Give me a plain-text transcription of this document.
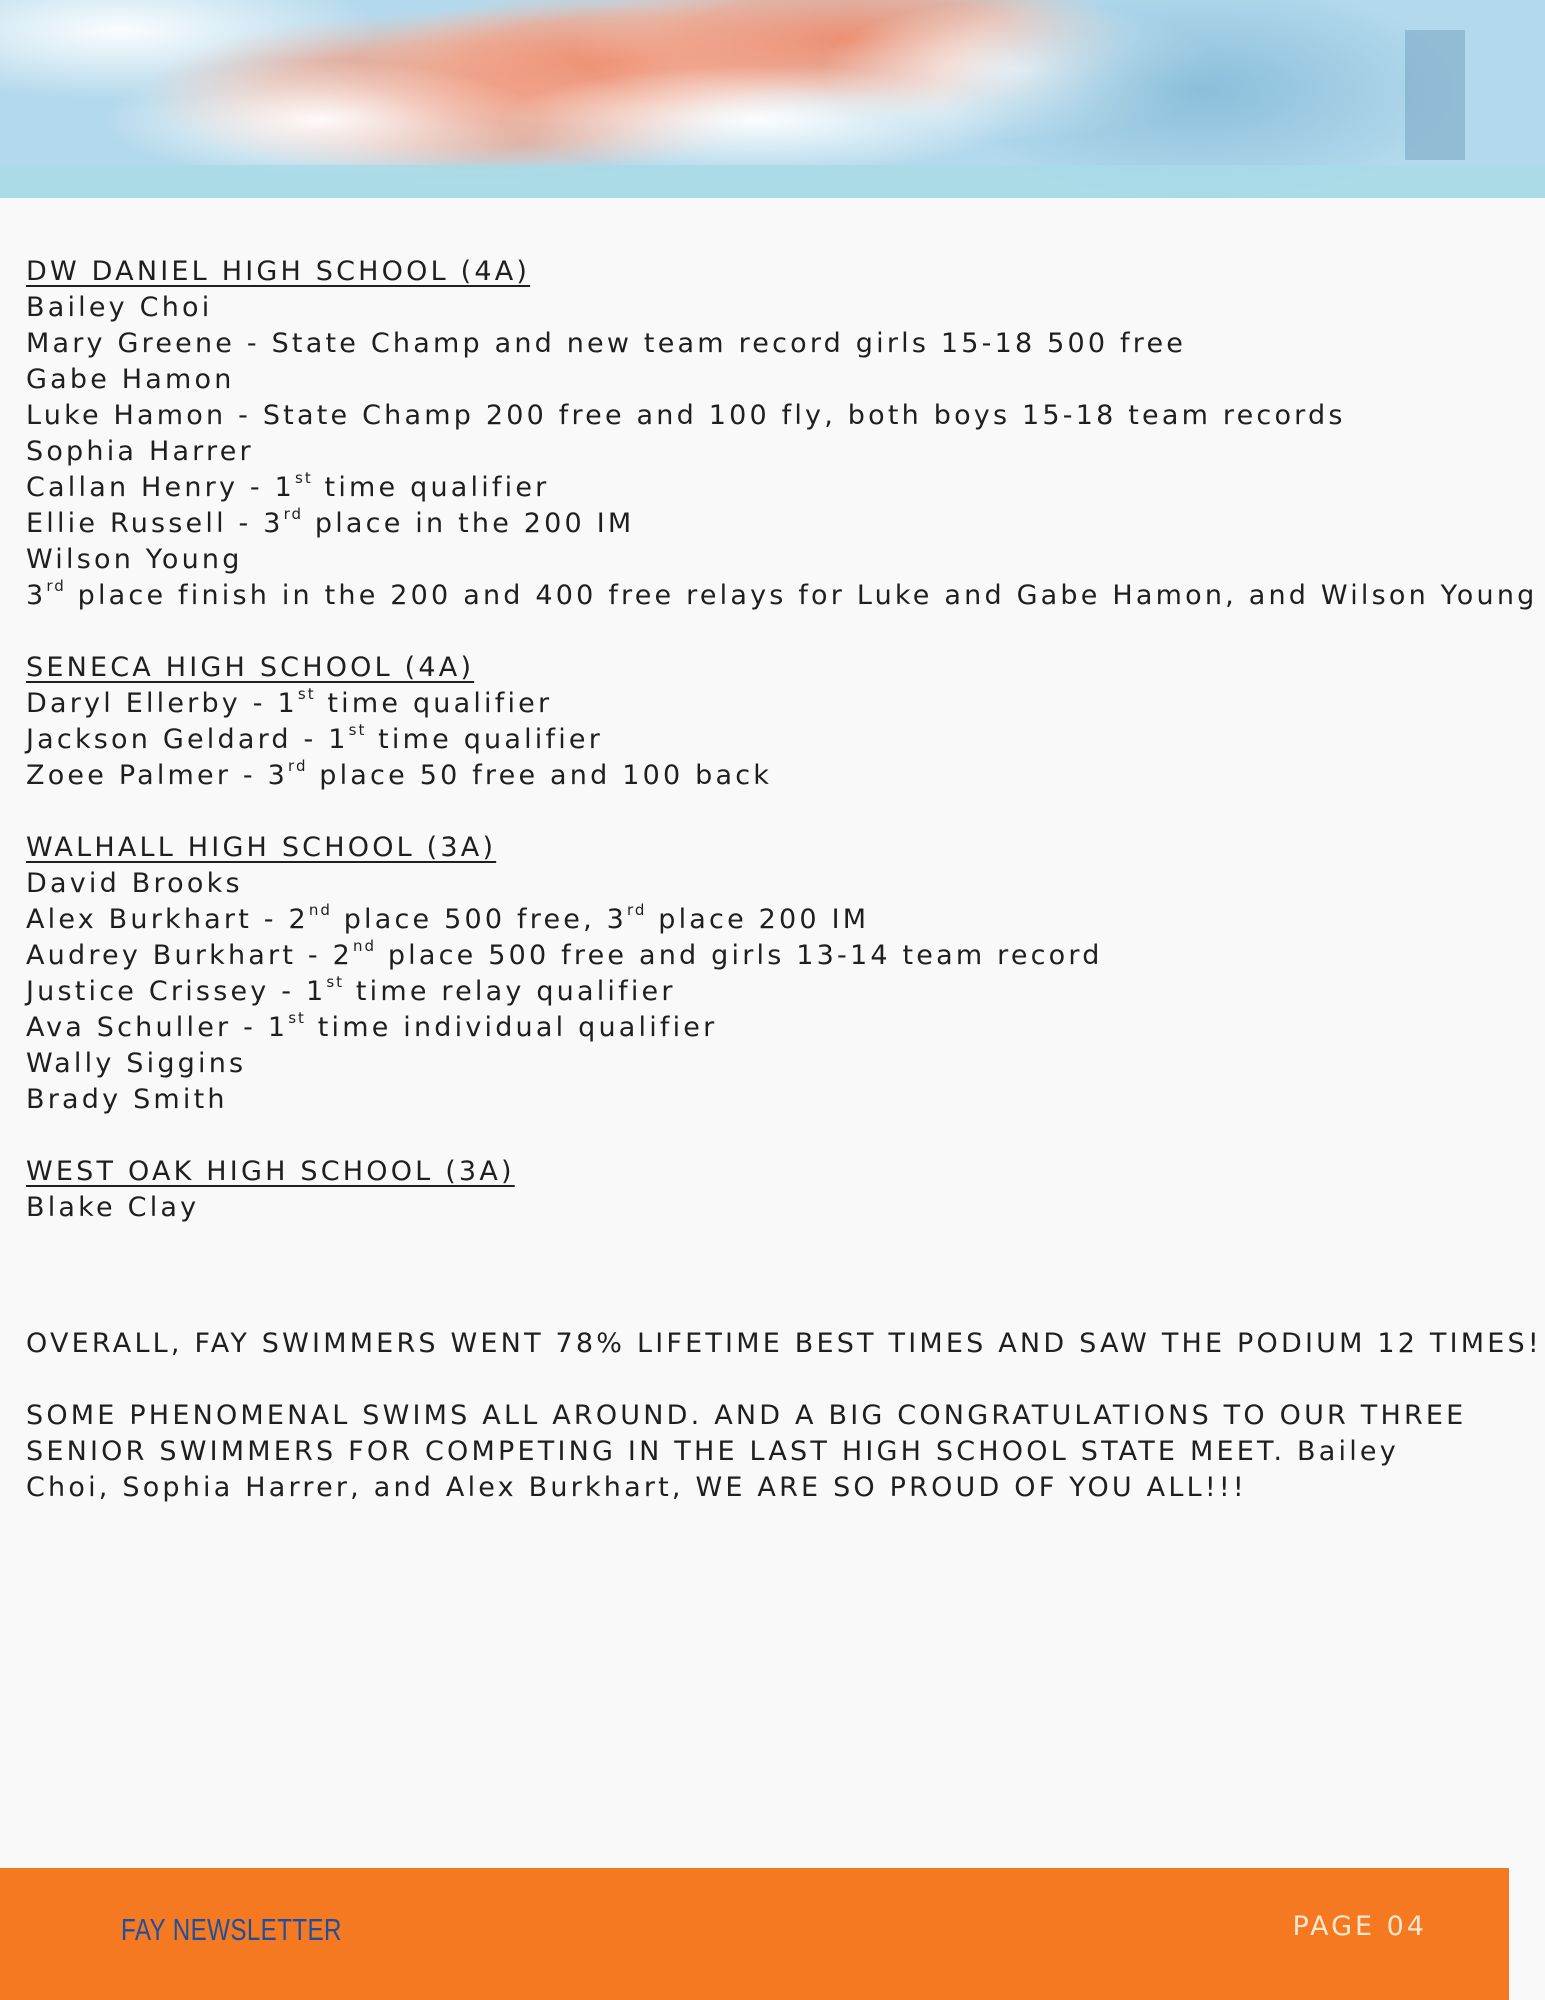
DW DANIEL HIGH SCHOOL (4A)
Bailey Choi
Mary Greene - State Champ and new team record girls 15-18 500 free
Gabe Hamon
Luke Hamon - State Champ 200 free and 100 fly, both boys 15-18 team records
Sophia Harrer
Callan Henry - 1st time qualifier
Ellie Russell - 3rd place in the 200 IM
Wilson Young
3rd place finish in the 200 and 400 free relays for Luke and Gabe Hamon, and Wilson Young
SENECA HIGH SCHOOL (4A)
Daryl Ellerby - 1st time qualifier
Jackson Geldard - 1st time qualifier
Zoee Palmer - 3rd place 50 free and 100 back
WALHALL HIGH SCHOOL (3A)
David Brooks
Alex Burkhart - 2nd place 500 free, 3rd place 200 IM
Audrey Burkhart - 2nd place 500 free and girls 13-14 team record
Justice Crissey - 1st time relay qualifier
Ava Schuller - 1st time individual qualifier
Wally Siggins
Brady Smith
WEST OAK HIGH SCHOOL (3A)
Blake Clay
OVERALL, FAY SWIMMERS WENT 78% LIFETIME BEST TIMES AND SAW THE PODIUM 12 TIMES!
SOME PHENOMENAL SWIMS ALL AROUND. AND A BIG CONGRATULATIONS TO OUR THREE SENIOR SWIMMERS FOR COMPETING IN THE LAST HIGH SCHOOL STATE MEET. Bailey Choi, Sophia Harrer, and Alex Burkhart, WE ARE SO PROUD OF YOU ALL!!!
FAY NEWSLETTER	PAGE 04
